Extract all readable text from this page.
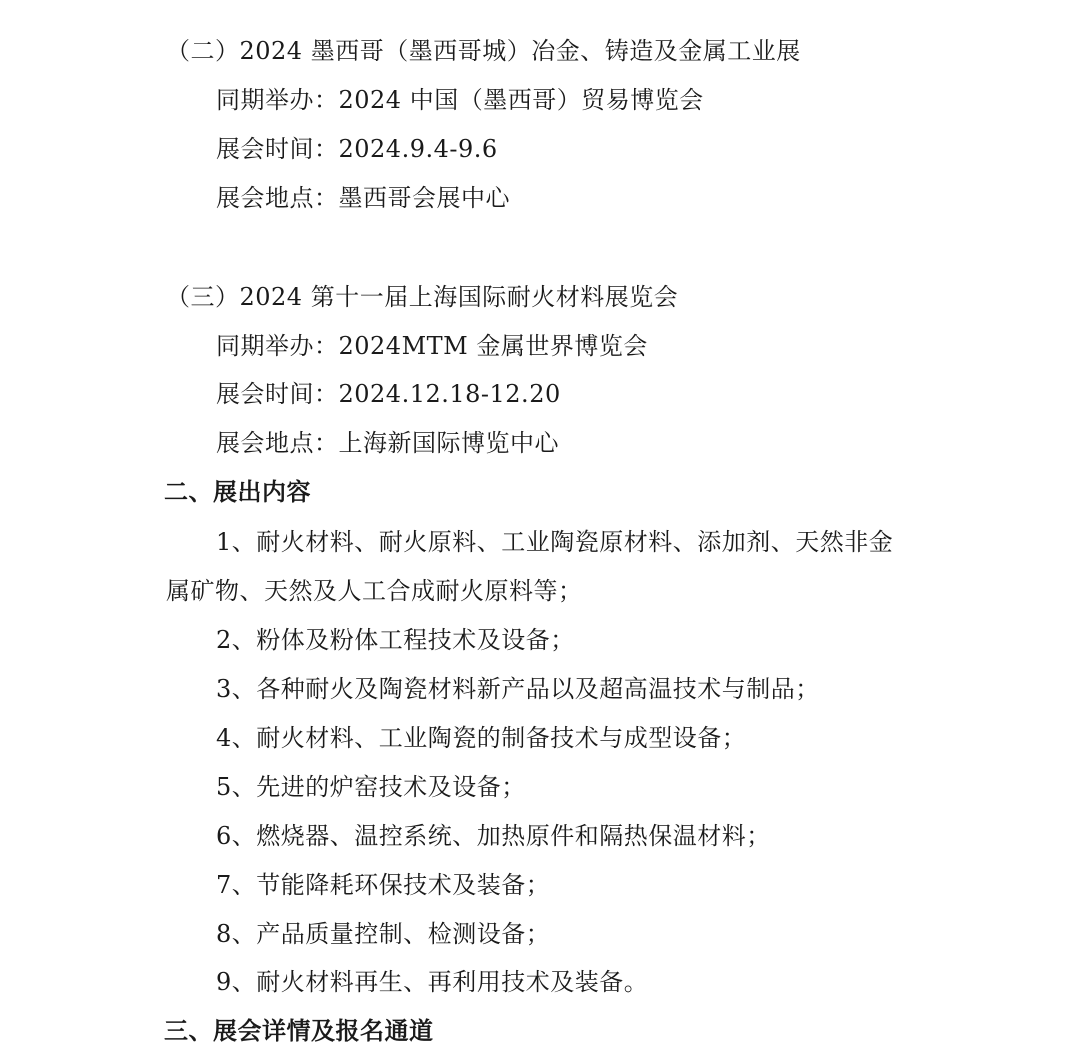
（二）2024 墨西哥（墨西哥城）冶金、铸造及金属工业展
同期举办：2024 中国（墨西哥）贸易博览会
展会时间：2024.9.4-9.6
展会地点：墨西哥会展中心
（三）2024 第十一届上海国际耐火材料展览会
同期举办：2024MTM 金属世界博览会
展会时间：2024.12.18-12.20
展会地点：上海新国际博览中心
二、展出内容
1、耐火材料、耐火原料、工业陶瓷原材料、添加剂、天然非金
属矿物、天然及人工合成耐火原料等；
2、粉体及粉体工程技术及设备；
3、各种耐火及陶瓷材料新产品以及超高温技术与制品；
4、耐火材料、工业陶瓷的制备技术与成型设备；
5、先进的炉窑技术及设备；
6、燃烧器、温控系统、加热原件和隔热保温材料；
7、节能降耗环保技术及装备；
8、产品质量控制、检测设备；
9、耐火材料再生、再利用技术及装备。
三、展会详情及报名通道
